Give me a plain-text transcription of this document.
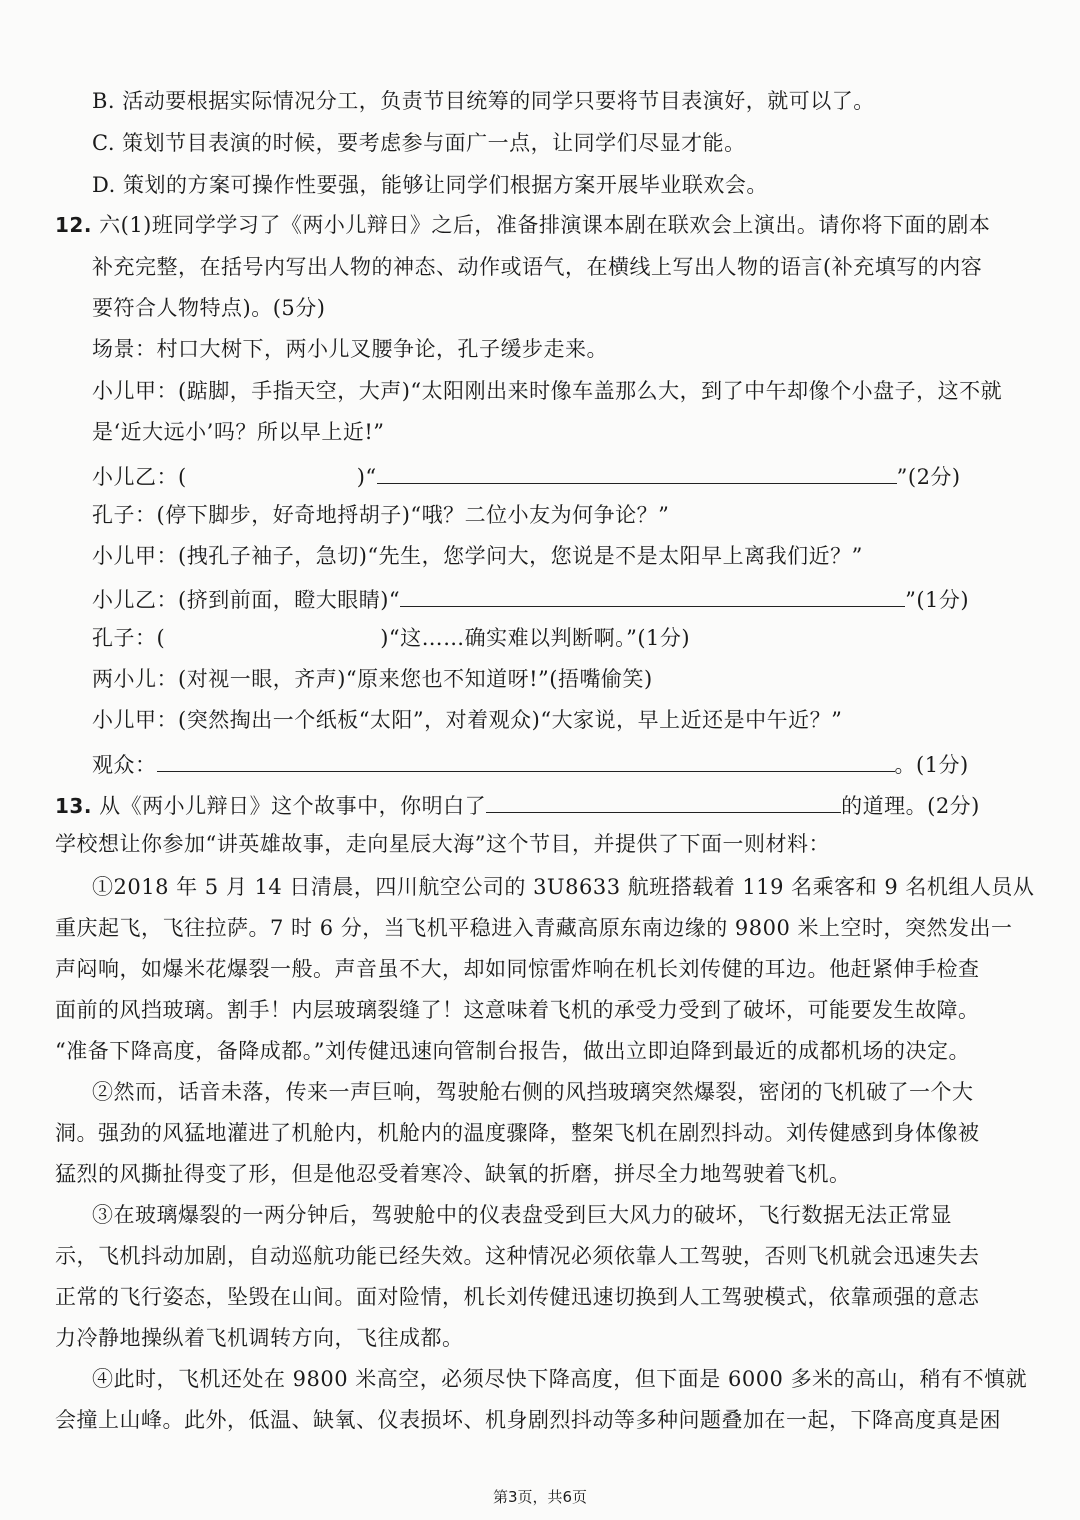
B. 活动要根据实际情况分工，负责节目统筹的同学只要将节目表演好，就可以了。
C. 策划节目表演的时候，要考虑参与面广一点，让同学们尽显才能。
D. 策划的方案可操作性要强，能够让同学们根据方案开展毕业联欢会。
12. 六(1)班同学学习了《两小儿辩日》之后，准备排演课本剧在联欢会上演出。请你将下面的剧本
补充完整，在括号内写出人物的神态、动作或语气，在横线上写出人物的语言(补充填写的内容
要符合人物特点)。(5分)
场景：村口大树下，两小儿叉腰争论，孔子缓步走来。
小儿甲：(踮脚，手指天空，大声)“太阳刚出来时像车盖那么大，到了中午却像个小盘子，这不就
是‘近大远小’吗？所以早上近!”
小儿乙：(	)“	”(2分)
孔子：(停下脚步，好奇地捋胡子)“哦？二位小友为何争论？”
小儿甲：(拽孔子袖子，急切)“先生，您学问大，您说是不是太阳早上离我们近？”
小儿乙：(挤到前面，瞪大眼睛)“	”(1分)
孔子：(	)“这……确实难以判断啊。”(1分)
两小儿：(对视一眼，齐声)“原来您也不知道呀!”(捂嘴偷笑)
小儿甲：(突然掏出一个纸板“太阳”，对着观众)“大家说，早上近还是中午近？”
观众：	。(1分)
13. 从《两小儿辩日》这个故事中，你明白了	的道理。(2分)
学校想让你参加“讲英雄故事，走向星辰大海”这个节目，并提供了下面一则材料：
①2018 年 5 月 14 日清晨，四川航空公司的 3U8633 航班搭载着 119 名乘客和 9 名机组人员从
重庆起飞，飞往拉萨。7 时 6 分，当飞机平稳进入青藏高原东南边缘的 9800 米上空时，突然发出一
声闷响，如爆米花爆裂一般。声音虽不大，却如同惊雷炸响在机长刘传健的耳边。他赶紧伸手检查
面前的风挡玻璃。割手！内层玻璃裂缝了！这意味着飞机的承受力受到了破坏，可能要发生故障。
“准备下降高度，备降成都。”刘传健迅速向管制台报告，做出立即迫降到最近的成都机场的决定。
②然而，话音未落，传来一声巨响，驾驶舱右侧的风挡玻璃突然爆裂，密闭的飞机破了一个大
洞。强劲的风猛地灌进了机舱内，机舱内的温度骤降，整架飞机在剧烈抖动。刘传健感到身体像被
猛烈的风撕扯得变了形，但是他忍受着寒冷、缺氧的折磨，拼尽全力地驾驶着飞机。
③在玻璃爆裂的一两分钟后，驾驶舱中的仪表盘受到巨大风力的破坏，飞行数据无法正常显
示，飞机抖动加剧，自动巡航功能已经失效。这种情况必须依靠人工驾驶，否则飞机就会迅速失去
正常的飞行姿态，坠毁在山间。面对险情，机长刘传健迅速切换到人工驾驶模式，依靠顽强的意志
力冷静地操纵着飞机调转方向，飞往成都。
④此时，飞机还处在 9800 米高空，必须尽快下降高度，但下面是 6000 多米的高山，稍有不慎就
会撞上山峰。此外，低温、缺氧、仪表损坏、机身剧烈抖动等多种问题叠加在一起，下降高度真是困
第3页，共6页
